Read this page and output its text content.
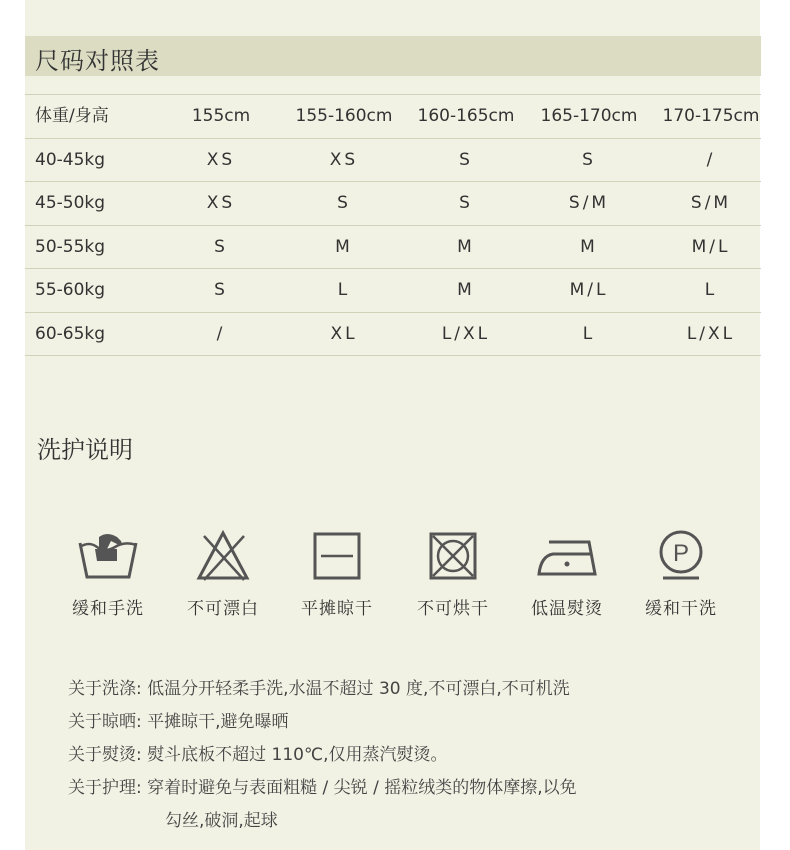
尺码对照表
体重/身高	155cm	155-160cm	160-165cm	165-170cm	170-175cm
40-45kg	XS	XS	S	S	/
45-50kg	XS	S	S	S/M	S/M
50-55kg	S	M	M	M	M/L
55-60kg	S	L	M	M/L	L
60-65kg	/	XL	L/XL	L	L/XL
洗护说明
缓和手洗	不可漂白	平摊晾干	不可烘干	低温熨烫
P
缓和干洗
关于洗涤: 低温分开轻柔手洗,水温不超过 30 度,不可漂白,不可机洗
关于晾晒: 平摊晾干,避免曝晒
关于熨烫: 熨斗底板不超过 110℃,仅用蒸汽熨烫。
关于护理: 穿着时避免与表面粗糙 / 尖锐 / 摇粒绒类的物体摩擦,以免
勾丝,破洞,起球
